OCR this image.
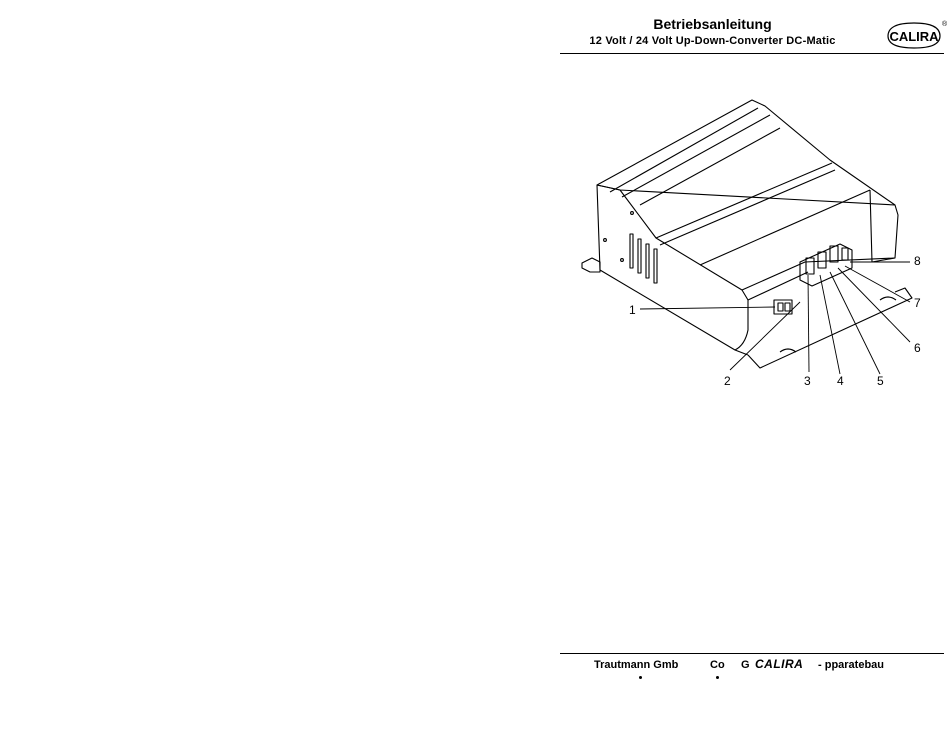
Betriebsanleitung
12 Volt / 24 Volt Up-Down-Converter DC-Matic	CALIRA
®
1
2	3 4	5
6
7
8
Trautmann Gmb	Co G CALIRA - pparatebau
